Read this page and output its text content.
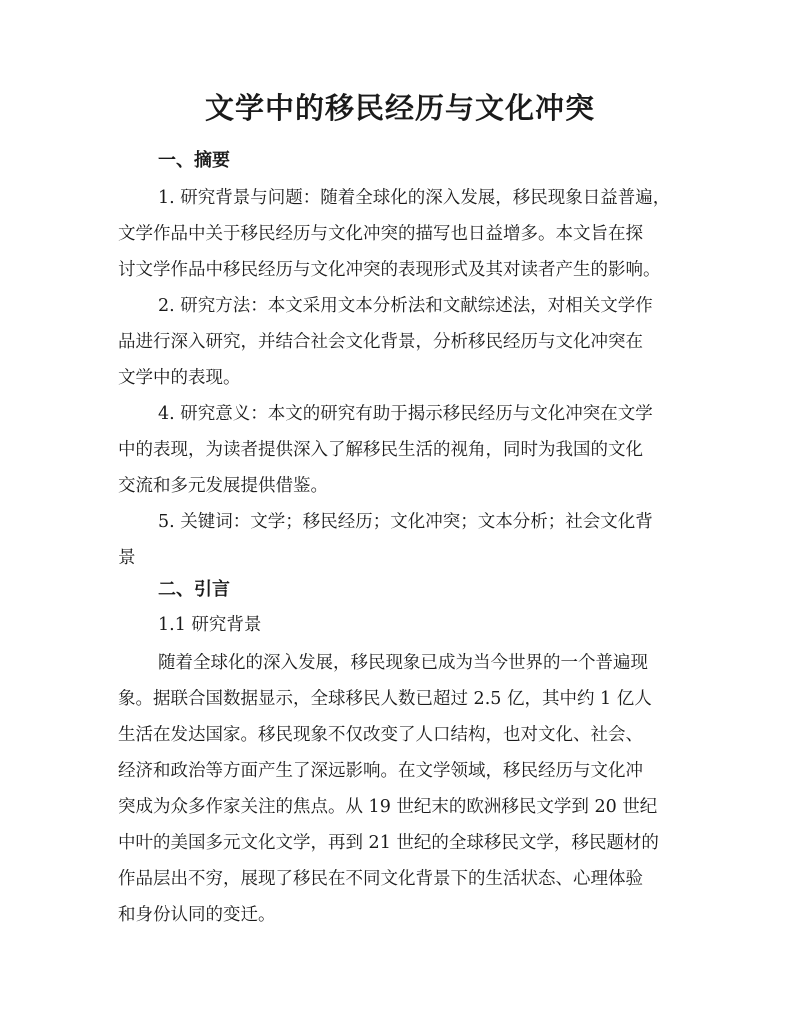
文学中的移民经历与文化冲突
一、摘要
1. 研究背景与问题：随着全球化的深入发展，移民现象日益普遍，
文学作品中关于移民经历与文化冲突的描写也日益增多。本文旨在探
讨文学作品中移民经历与文化冲突的表现形式及其对读者产生的影响。
2. 研究方法：本文采用文本分析法和文献综述法，对相关文学作
品进行深入研究，并结合社会文化背景，分析移民经历与文化冲突在
文学中的表现。
4. 研究意义：本文的研究有助于揭示移民经历与文化冲突在文学
中的表现，为读者提供深入了解移民生活的视角，同时为我国的文化
交流和多元发展提供借鉴。
5. 关键词：文学；移民经历；文化冲突；文本分析；社会文化背
景
二、引言
1.1 研究背景
随着全球化的深入发展，移民现象已成为当今世界的一个普遍现
象。据联合国数据显示，全球移民人数已超过 2.5 亿，其中约 1 亿人
生活在发达国家。移民现象不仅改变了人口结构，也对文化、社会、
经济和政治等方面产生了深远影响。在文学领域，移民经历与文化冲
突成为众多作家关注的焦点。从 19 世纪末的欧洲移民文学到 20 世纪
中叶的美国多元文化文学，再到 21 世纪的全球移民文学，移民题材的
作品层出不穷，展现了移民在不同文化背景下的生活状态、心理体验
和身份认同的变迁。
